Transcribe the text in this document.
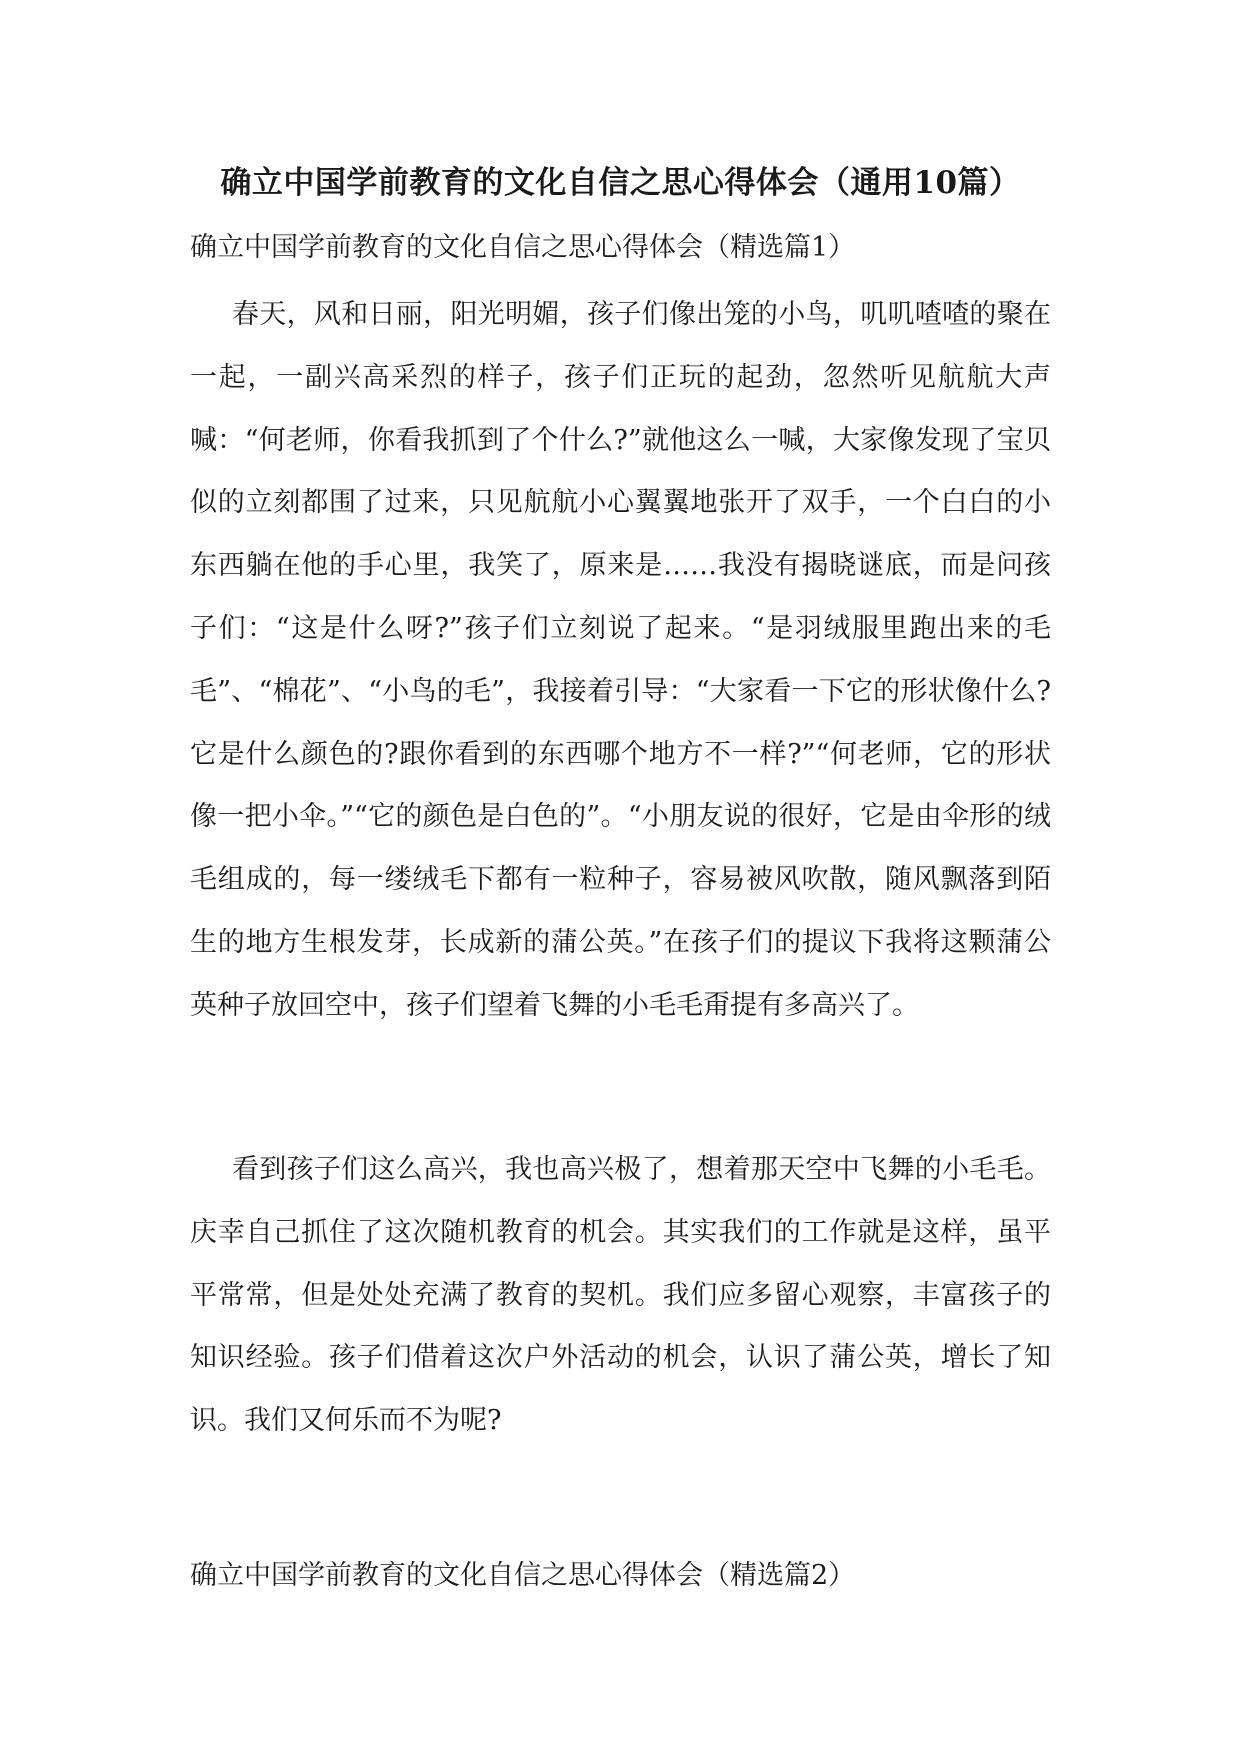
确立中国学前教育的文化自信之思心得体会（通用10篇）
确立中国学前教育的文化自信之思心得体会（精选篇1）

春天，风和日丽，阳光明媚，孩子们像出笼的小鸟，叽叽喳喳的聚在一起，一副兴高采烈的样子，孩子们正玩的起劲，忽然听见航航大声喊：“何老师，你看我抓到了个什么?”就他这么一喊，大家像发现了宝贝似的立刻都围了过来，只见航航小心翼翼地张开了双手，一个白白的小东西躺在他的手心里，我笑了，原来是……我没有揭晓谜底，而是问孩子们：“这是什么呀?”孩子们立刻说了起来。“是羽绒服里跑出来的毛毛”、“棉花”、“小鸟的毛”，我接着引导：“大家看一下它的形状像什么?它是什么颜色的?跟你看到的东西哪个地方不一样?”“何老师，它的形状像一把小伞。”“它的颜色是白色的”。“小朋友说的很好，它是由伞形的绒毛组成的，每一缕绒毛下都有一粒种子，容易被风吹散，随风飘落到陌生的地方生根发芽，长成新的蒲公英。”在孩子们的提议下我将这颗蒲公英种子放回空中，孩子们望着飞舞的小毛毛甭提有多高兴了。

看到孩子们这么高兴，我也高兴极了，想着那天空中飞舞的小毛毛。庆幸自己抓住了这次随机教育的机会。其实我们的工作就是这样，虽平平常常，但是处处充满了教育的契机。我们应多留心观察，丰富孩子的知识经验。孩子们借着这次户外活动的机会，认识了蒲公英，增长了知识。我们又何乐而不为呢?

确立中国学前教育的文化自信之思心得体会（精选篇2）
